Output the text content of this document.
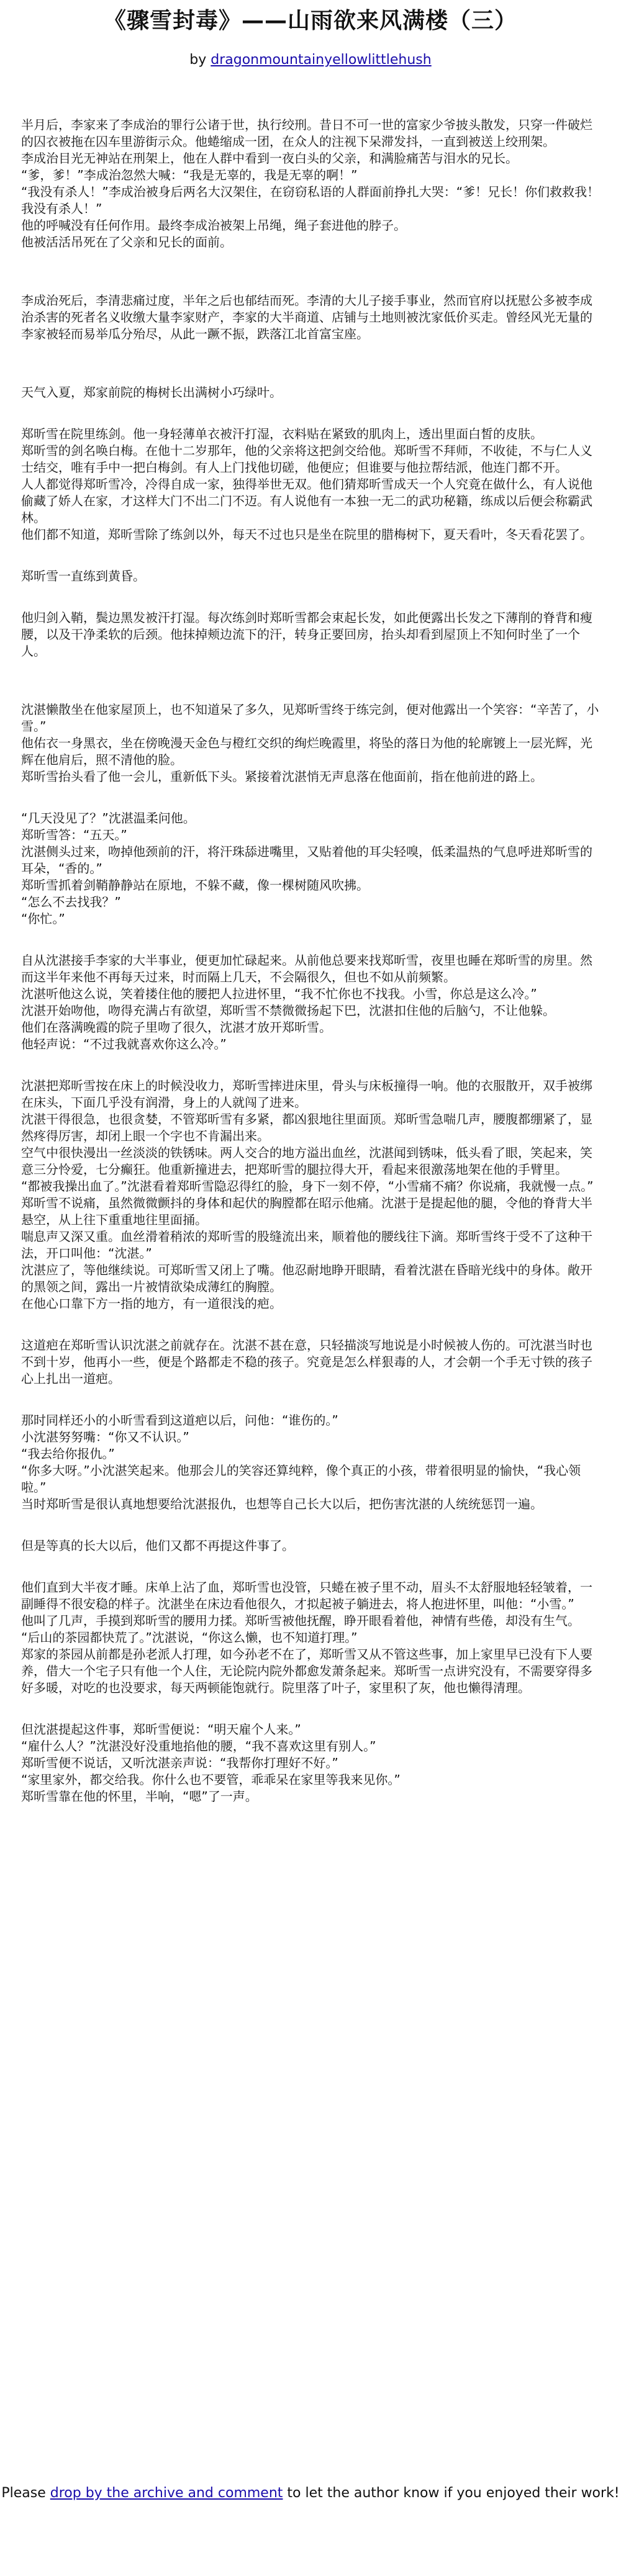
《骤雪封毒》——山雨欲来风满楼（三）
by dragonmountainyellowlittlehush

半月后，李家来了李成治的罪行公诸于世，执行绞刑。昔日不可一世的富家少爷披头散发，只穿一件破烂的囚衣被拖在囚车里游街示众。他蜷缩成一团，在众人的注视下呆滞发抖，一直到被送上绞刑架。
李成治目光无神站在刑架上，他在人群中看到一夜白头的父亲，和满脸痛苦与泪水的兄长。
“爹，爹！”李成治忽然大喊：“我是无辜的，我是无辜的啊！”
“我没有杀人！”李成治被身后两名大汉架住，在窃窃私语的人群面前挣扎大哭：“爹！兄长！你们救救我！我没有杀人！”
他的呼喊没有任何作用。最终李成治被架上吊绳，绳子套进他的脖子。
他被活活吊死在了父亲和兄长的面前。

李成治死后，李清悲痛过度，半年之后也郁结而死。李清的大儿子接手事业，然而官府以抚慰公多被李成治杀害的死者名义收缴大量李家财产，李家的大半商道、店铺与土地则被沈家低价买走。曾经风光无量的李家被轻而易举瓜分殆尽，从此一蹶不振，跌落江北首富宝座。

天气入夏，郑家前院的梅树长出满树小巧绿叶。

郑昕雪在院里练剑。他一身轻薄单衣被汗打湿，衣料贴在紧致的肌肉上，透出里面白皙的皮肤。
郑昕雪的剑名唤白梅。在他十二岁那年，他的父亲将这把剑交给他。郑昕雪不拜师，不收徒，不与仁人义士结交，唯有手中一把白梅剑。有人上门找他切磋，他便应；但谁要与他拉帮结派，他连门都不开。
人人都觉得郑昕雪冷，冷得自成一家，独得举世无双。他们猜郑昕雪成天一个人究竟在做什么，有人说他偷藏了娇人在家，才这样大门不出二门不迈。有人说他有一本独一无二的武功秘籍，练成以后便会称霸武林。
他们都不知道，郑昕雪除了练剑以外，每天不过也只是坐在院里的腊梅树下，夏天看叶，冬天看花罢了。

郑昕雪一直练到黄昏。

他归剑入鞘，鬓边黑发被汗打湿。每次练剑时郑昕雪都会束起长发，如此便露出长发之下薄削的脊背和瘦腰，以及干净柔软的后颈。他抹掉颊边流下的汗，转身正要回房，抬头却看到屋顶上不知何时坐了一个人。

沈湛懒散坐在他家屋顶上，也不知道呆了多久，见郑昕雪终于练完剑，便对他露出一个笑容：“辛苦了，小雪。”
他佑衣一身黑衣，坐在傍晚漫天金色与橙红交织的绚烂晚霞里，将坠的落日为他的轮廓镀上一层光辉，光辉在他肩后，照不清他的脸。
郑昕雪抬头看了他一会儿，重新低下头。紧接着沈湛悄无声息落在他面前，指在他前进的路上。

“几天没见了？”沈湛温柔问他。
郑昕雪答：“五天。”
沈湛侧头过来，吻掉他颈前的汗，将汗珠舔进嘴里，又贴着他的耳尖轻嗅，低柔温热的气息呼进郑昕雪的耳朵，“香的。”
郑昕雪抓着剑鞘静静站在原地，不躲不藏，像一棵树随风吹拂。
“怎么不去找我？”
“你忙。”

自从沈湛接手李家的大半事业，便更加忙碌起来。从前他总要来找郑昕雪，夜里也睡在郑昕雪的房里。然而这半年来他不再每天过来，时而隔上几天，不会隔很久，但也不如从前频繁。
沈湛听他这么说，笑着搂住他的腰把人拉进怀里，“我不忙你也不找我。小雪，你总是这么冷。”
沈湛开始吻他，吻得充满占有欲望，郑昕雪不禁微微扬起下巴，沈湛扣住他的后脑勺，不让他躲。
他们在落满晚霞的院子里吻了很久，沈湛才放开郑昕雪。
他轻声说：“不过我就喜欢你这么冷。”

沈湛把郑昕雪按在床上的时候没收力，郑昕雪摔进床里，骨头与床板撞得一响。他的衣服散开，双手被绑在床头，下面几乎没有润滑，身上的人就闯了进来。
沈湛干得很急，也很贪婪，不管郑昕雪有多紧，都凶狠地往里面顶。郑昕雪急喘几声，腰腹都绷紧了，显然疼得厉害，却闭上眼一个字也不肯漏出来。
空气中很快漫出一丝淡淡的铁锈味。两人交合的地方溢出血丝，沈湛闻到锈味，低头看了眼，笑起来，笑意三分怜爱，七分癫狂。他重新撞进去，把郑昕雪的腿拉得大开，看起来很激荡地架在他的手臂里。
“都被我操出血了。”沈湛看着郑昕雪隐忍得红的脸，身下一刻不停，“小雪痛不痛？你说痛，我就慢一点。”
郑昕雪不说痛，虽然微微颤抖的身体和起伏的胸膛都在昭示他痛。沈湛于是提起他的腿，令他的脊背大半悬空，从上往下重重地往里面捅。
喘息声又深又重。血丝滑着稍浓的郑昕雪的股缝流出来，顺着他的腰线往下滴。郑昕雪终于受不了这种干法，开口叫他：“沈湛。”
沈湛应了，等他继续说。可郑昕雪又闭上了嘴。他忍耐地睁开眼睛，看着沈湛在昏暗光线中的身体。敞开的黑领之间，露出一片被情欲染成薄红的胸膛。
在他心口靠下方一指的地方，有一道很浅的疤。

这道疤在郑昕雪认识沈湛之前就存在。沈湛不甚在意，只轻描淡写地说是小时候被人伤的。可沈湛当时也不到十岁，他再小一些，便是个路都走不稳的孩子。究竟是怎么样狠毒的人，才会朝一个手无寸铁的孩子心上扎出一道疤。

那时同样还小的小昕雪看到这道疤以后，问他：“谁伤的。”
小沈湛努努嘴：“你又不认识。”
“我去给你报仇。”
“你多大呀。”小沈湛笑起来。他那会儿的笑容还算纯粹，像个真正的小孩，带着很明显的愉快，“我心领啦。”
当时郑昕雪是很认真地想要给沈湛报仇，也想等自己长大以后，把伤害沈湛的人统统惩罚一遍。

但是等真的长大以后，他们又都不再提这件事了。

他们直到大半夜才睡。床单上沾了血，郑昕雪也没管，只蜷在被子里不动，眉头不太舒服地轻轻皱着，一副睡得不很安稳的样子。沈湛坐在床边看他很久，才拟起被子躺进去，将人抱进怀里，叫他：“小雪。”
他叫了几声，手摸到郑昕雪的腰用力揉。郑昕雪被他抚醒，睁开眼看着他，神情有些倦，却没有生气。
“后山的茶园都快荒了。”沈湛说，“你这么懒，也不知道打理。”
郑家的茶园从前都是孙老派人打理，如今孙老不在了，郑昕雪又从不管这些事，加上家里早已没有下人要养，借大一个宅子只有他一个人住，无论院内院外都愈发萧条起来。郑昕雪一点讲究没有，不需要穿得多好多暖，对吃的也没要求，每天两顿能饱就行。院里落了叶子，家里积了灰，他也懒得清理。

但沈湛提起这件事，郑昕雪便说：“明天雇个人来。”
“雇什么人？”沈湛没好没重地掐他的腰，“我不喜欢这里有别人。”
郑昕雪便不说话，又听沈湛亲声说：“我帮你打理好不好。”
“家里家外，都交给我。你什么也不要管，乖乖呆在家里等我来见你。”
郑昕雪靠在他的怀里，半响，“嗯”了一声。

Please drop by the archive and comment to let the author know if you enjoyed their work!
